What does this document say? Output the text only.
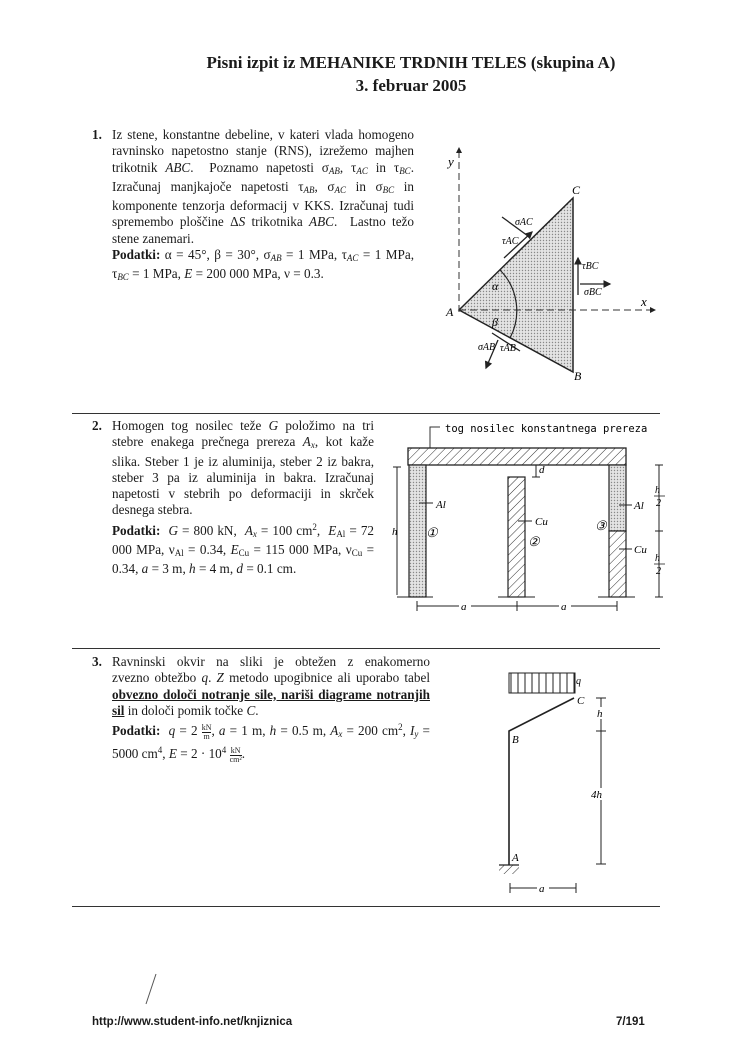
Pisni izpit iz MEHANIKE TRDNIH TELES (skupina A)
3. februar 2005
1. Iz stene, konstantne debeline, v kateri vlada homogeno ravninsko napetostno stanje (RNS), izrežemo majhen trikotnik ABC.  Poznamo napetosti $\sigma_{AB}$, $\tau_{AC}$ in $\tau_{BC}$. Izračunaj manjkajoče napetosti $\tau_{AB}$, $\sigma_{AC}$ in $\sigma_{BC}$ in komponente tenzorja deformacij v KKS. Izračunaj tudi spremembo ploščine ΔS trikotnika ABC.  Lastno težo stene zanemari.

Podatki: α = 45°, β = 30°, $\sigma_{AB} = 1$ MPa, $\tau_{AC} = 1$ MPa, $\tau_{BC} = 1$ MPa, E = 200 000 MPa, ν = 0.3.

y
x
A
B
C
α
β
σAC
τAC
τBC
σBC
σAB τAB
2. Homogen tog nosilec teže G položimo na tri stebre enakega prečnega prereza $A_x$, kot kaže slika. Steber 1 je iz aluminija, steber 2 iz bakra, steber 3 pa iz aluminija in bakra. Izračunaj napetosti v stebrih po deformaciji in skrček desnega stebra.

Podatki: G = 800 kN,  $A_x = 100$ $cm^2$,  $E_{Al} = 72$ 000 MPa, $\nu_{Al} = 0.34$, $E_{Cu} = 115$ 000 MPa, $\nu_{Cu} = 0.34$, a = 3 m, h = 4 m, d = 0.1 cm.

tog nosilec konstantnega prereza
Al
①
Cu
②
Al
Cu
③
h
d
h
2
h
2
a	a
3. Ravninski  okvir  na  sliki  je  obtežen  z  enakomerno zvezno obtežbo q. Z metodo upogibnice ali uporabo tabel obvezno določi notranje sile, nariši diagrame notranjih sil in določi pomik točke C.

Podatki: $q = 2 \frac{kN}{m}$ , a = 1 m, h = 0.5 m, $A_x = 200$ $cm^2$, $I_y = 5000$ $cm^4$, $E = 2 \cdot 10^4 \frac{kN}{\text{cm²}}$ .

q
C
B
A
h
4h
a
http://www.student-info.net/knjiznica	7/191
